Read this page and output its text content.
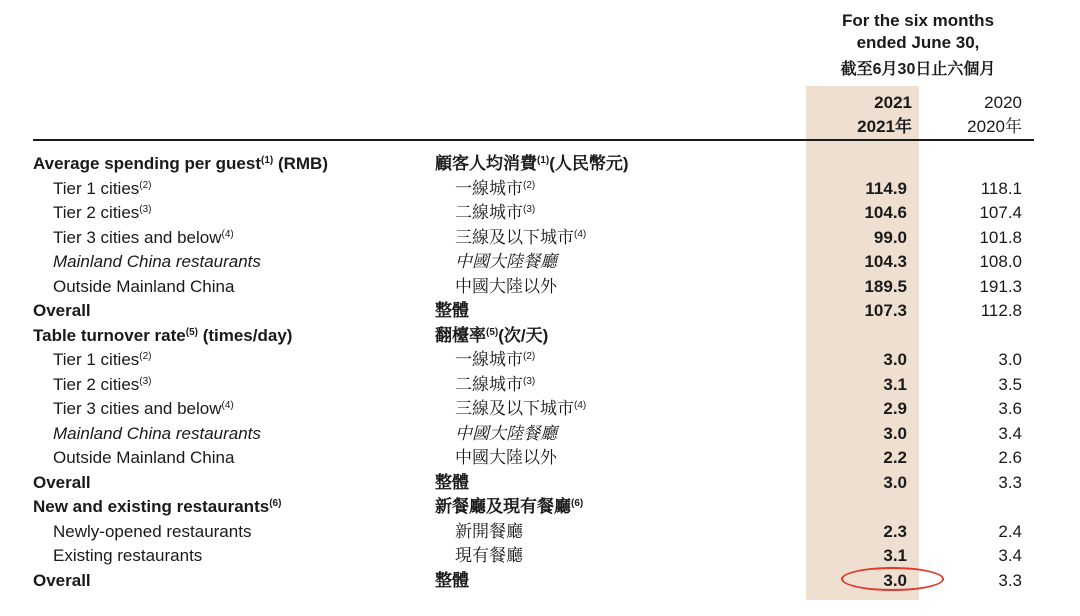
For the six months
ended June 30,
截至6月30日止六個月
2021
2021年
2020
2020年
Average spending per guest$^{(1)}$ (RMB)	顧客人均消費$^{(1)}$(人民幣元)
Tier 1 cities$^{(2)}$	一線城市$^{(2)}$	114.9	118.1
Tier 2 cities$^{(3)}$	二線城市$^{(3)}$	104.6	107.4
Tier 3 cities and below$^{(4)}$	三線及以下城市$^{(4)}$	99.0	101.8
Mainland China restaurants	中國大陸餐廳	104.3	108.0
Outside Mainland China	中國大陸以外	189.5	191.3
Overall	整體	107.3	112.8
Table turnover rate$^{(5)}$ (times/day)	翻檯率$^{(5)}$(次/天)
Tier 1 cities$^{(2)}$	一線城市$^{(2)}$	3.0	3.0
Tier 2 cities$^{(3)}$	二線城市$^{(3)}$	3.1	3.5
Tier 3 cities and below$^{(4)}$	三線及以下城市$^{(4)}$	2.9	3.6
Mainland China restaurants	中國大陸餐廳	3.0	3.4
Outside Mainland China	中國大陸以外	2.2	2.6
Overall	整體	3.0	3.3
New and existing restaurants$^{(6)}$	新餐廳及現有餐廳$^{(6)}$
Newly-opened restaurants	新開餐廳	2.3	2.4
Existing restaurants	現有餐廳	3.1	3.4
Overall	整體	3.0	3.3
